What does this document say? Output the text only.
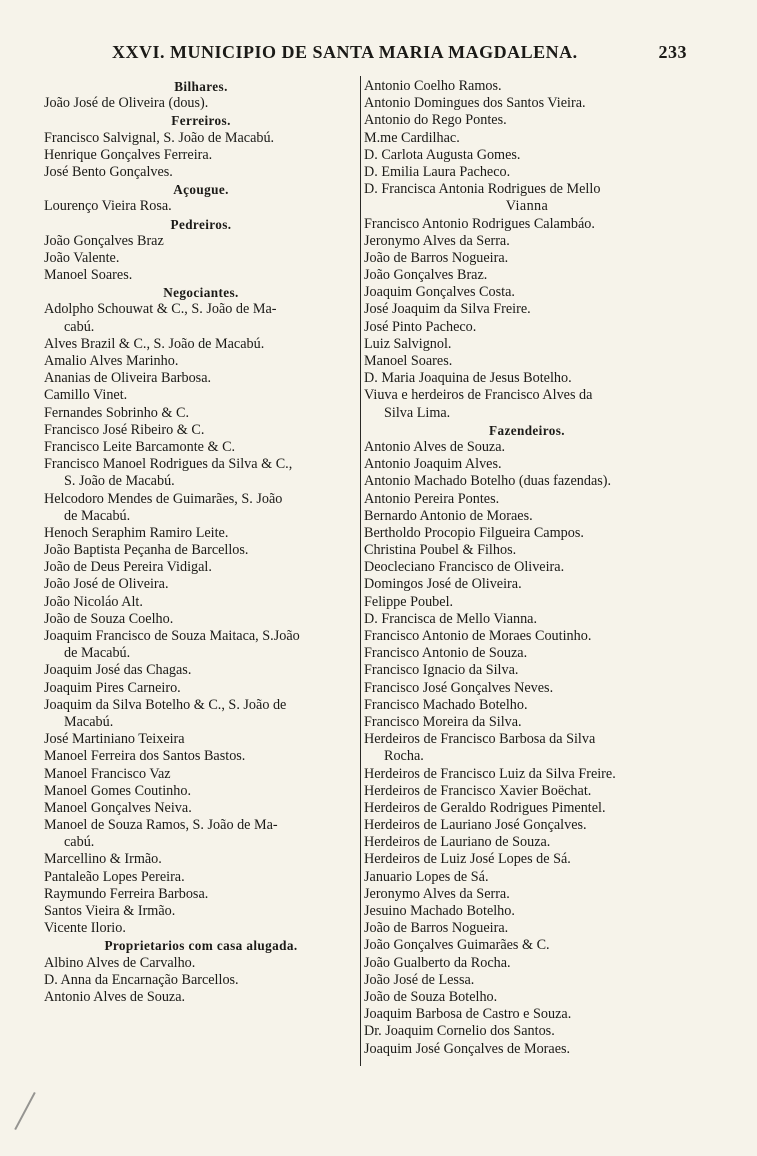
XXVI. MUNICIPIO DE SANTA MARIA MAGDALENA.	233
Bilhares.
João José de Oliveira (dous).
Ferreiros.
Francisco Salvignal, S. João de Macabú.
Henrique Gonçalves Ferreira.
José Bento Gonçalves.
Açougue.
Lourenço Vieira Rosa.
Pedreiros.
João Gonçalves Braz
João Valente.
Manoel Soares.
Negociantes.
Adolpho Schouwat & C., S. João de Ma-
cabú.
Alves Brazil & C., S. João de Macabú.
Amalio Alves Marinho.
Ananias de Oliveira Barbosa.
Camillo Vinet.
Fernandes Sobrinho & C.
Francisco José Ribeiro & C.
Francisco Leite Barcamonte & C.
Francisco Manoel Rodrigues da Silva & C.,
S. João de Macabú.
Helcodoro Mendes de Guimarães, S. João
de Macabú.
Henoch Seraphim Ramiro Leite.
João Baptista Peçanha de Barcellos.
João de Deus Pereira Vidigal.
João José de Oliveira.
João Nicoláo Alt.
João de Souza Coelho.
Joaquim Francisco de Souza Maitaca, S.João
de Macabú.
Joaquim José das Chagas.
Joaquim Pires Carneiro.
Joaquim da Silva Botelho & C., S. João de
Macabú.
José Martiniano Teixeira
Manoel Ferreira dos Santos Bastos.
Manoel Francisco Vaz
Manoel Gomes Coutinho.
Manoel Gonçalves Neiva.
Manoel de Souza Ramos, S. João de Ma-
cabú.
Marcellino & Irmão.
Pantaleão Lopes Pereira.
Raymundo Ferreira Barbosa.
Santos Vieira & Irmão.
Vicente Ilorio.
Proprietarios com casa alugada.
Albino Alves de Carvalho.
D. Anna da Encarnação Barcellos.
Antonio Alves de Souza.
Antonio Coelho Ramos.
Antonio Domingues dos Santos Vieira.
Antonio do Rego Pontes.
M.me Cardilhac.
D. Carlota Augusta Gomes.
D. Emilia Laura Pacheco.
D. Francisca Antonia Rodrigues de Mello
Vianna
Francisco Antonio Rodrigues Calambáo.
Jeronymo Alves da Serra.
João de Barros Nogueira.
João Gonçalves Braz.
Joaquim Gonçalves Costa.
José Joaquim da Silva Freire.
José Pinto Pacheco.
Luiz Salvignol.
Manoel Soares.
D. Maria Joaquina de Jesus Botelho.
Viuva e herdeiros de Francisco Alves da
Silva Lima.
Fazendeiros.
Antonio Alves de Souza.
Antonio Joaquim Alves.
Antonio Machado Botelho (duas fazendas).
Antonio Pereira Pontes.
Bernardo Antonio de Moraes.
Bertholdo Procopio Filgueira Campos.
Christina Poubel & Filhos.
Deocleciano Francisco de Oliveira.
Domingos José de Oliveira.
Felippe Poubel.
D. Francisca de Mello Vianna.
Francisco Antonio de Moraes Coutinho.
Francisco Antonio de Souza.
Francisco Ignacio da Silva.
Francisco José Gonçalves Neves.
Francisco Machado Botelho.
Francisco Moreira da Silva.
Herdeiros de Francisco Barbosa da Silva
Rocha.
Herdeiros de Francisco Luiz da Silva Freire.
Herdeiros de Francisco Xavier Boëchat.
Herdeiros de Geraldo Rodrigues Pimentel.
Herdeiros de Lauriano José Gonçalves.
Herdeiros de Lauriano de Souza.
Herdeiros de Luiz José Lopes de Sá.
Januario Lopes de Sá.
Jeronymo Alves da Serra.
Jesuino Machado Botelho.
João de Barros Nogueira.
João Gonçalves Guimarães & C.
João Gualberto da Rocha.
João José de Lessa.
João de Souza Botelho.
Joaquim Barbosa de Castro e Souza.
Dr. Joaquim Cornelio dos Santos.
Joaquim José Gonçalves de Moraes.
